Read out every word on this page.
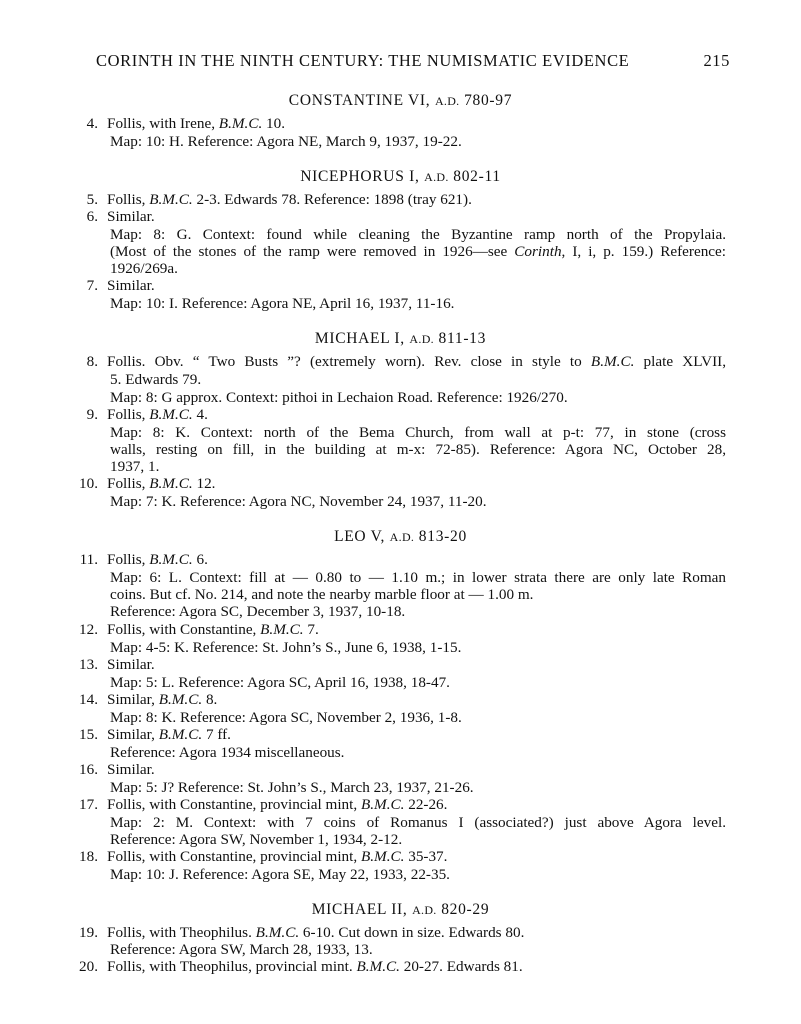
CORINTH IN THE NINTH CENTURY: THE NUMISMATIC EVIDENCE	215
CONSTANTINE VI, A.D. 780-97
4. Follis, with Irene, B.M.C. 10.
Map: 10: H. Reference: Agora NE, March 9, 1937, 19-22.
NICEPHORUS I, A.D. 802-11
5. Follis, B.M.C. 2-3. Edwards 78. Reference: 1898 (tray 621).
6. Similar.
Map: 8: G. Context: found while cleaning the Byzantine ramp north of the Propylaia.
(Most of the stones of the ramp were removed in 1926—see Corinth, I, i, p. 159.) Reference:
1926/269a.
7. Similar.
Map: 10: I. Reference: Agora NE, April 16, 1937, 11-16.
MICHAEL I, A.D. 811-13
8. Follis. Obv. “ Two Busts ”? (extremely worn). Rev. close in style to B.M.C. plate XLVII,
5. Edwards 79.
Map: 8: G approx. Context: pithoi in Lechaion Road. Reference: 1926/270.
9. Follis, B.M.C. 4.
Map: 8: K. Context: north of the Bema Church, from wall at p-t: 77, in stone (cross
walls, resting on fill, in the building at m-x: 72-85). Reference: Agora NC, October 28,
1937, 1.
10. Follis, B.M.C. 12.
Map: 7: K. Reference: Agora NC, November 24, 1937, 11-20.
LEO V, A.D. 813-20
11. Follis, B.M.C. 6.
Map: 6: L. Context: fill at — 0.80 to — 1.10 m.; in lower strata there are only late Roman
coins. But cf. No. 214, and note the nearby marble floor at — 1.00 m.
Reference: Agora SC, December 3, 1937, 10-18.
12. Follis, with Constantine, B.M.C. 7.
Map: 4-5: K. Reference: St. John’s S., June 6, 1938, 1-15.
13. Similar.
Map: 5: L. Reference: Agora SC, April 16, 1938, 18-47.
14. Similar, B.M.C. 8.
Map: 8: K. Reference: Agora SC, November 2, 1936, 1-8.
15. Similar, B.M.C. 7 ff.
Reference: Agora 1934 miscellaneous.
16. Similar.
Map: 5: J? Reference: St. John’s S., March 23, 1937, 21-26.
17. Follis, with Constantine, provincial mint, B.M.C. 22-26.
Map: 2: M. Context: with 7 coins of Romanus I (associated?) just above Agora level.
Reference: Agora SW, November 1, 1934, 2-12.
18. Follis, with Constantine, provincial mint, B.M.C. 35-37.
Map: 10: J. Reference: Agora SE, May 22, 1933, 22-35.
MICHAEL II, A.D. 820-29
19. Follis, with Theophilus. B.M.C. 6-10. Cut down in size. Edwards 80.
Reference: Agora SW, March 28, 1933, 13.
20. Follis, with Theophilus, provincial mint. B.M.C. 20-27. Edwards 81.
